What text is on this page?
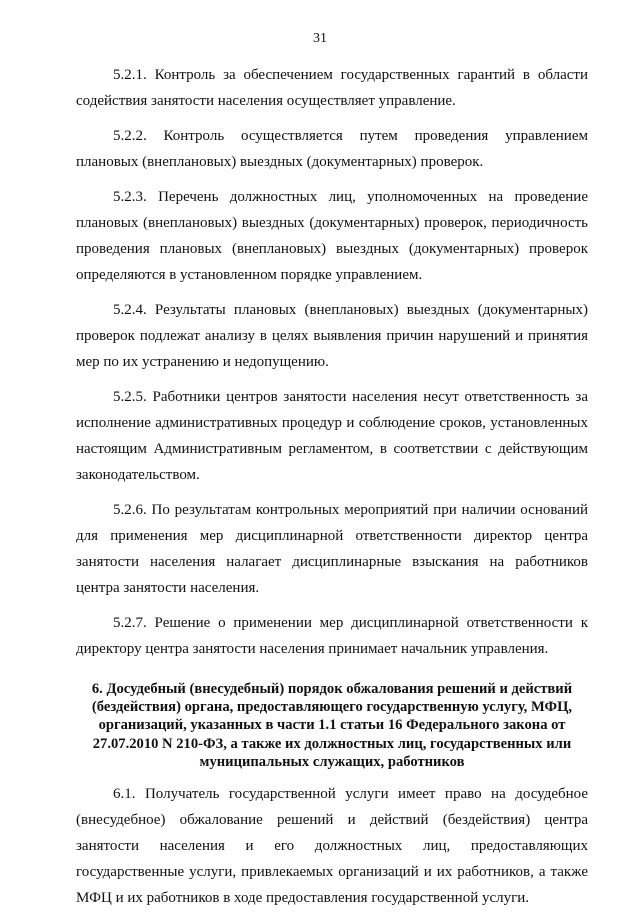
31

5.2.1. Контроль за обеспечением государственных гарантий в области содействия занятости населения осуществляет управление.

5.2.2. Контроль осуществляется путем проведения управлением плановых (внеплановых) выездных (документарных) проверок.

5.2.3. Перечень должностных лиц, уполномоченных на проведение плановых (внеплановых) выездных (документарных) проверок, периодичность проведения плановых (внеплановых) выездных (документарных) проверок определяются в установленном порядке управлением.

5.2.4. Результаты плановых (внеплановых) выездных (документарных) проверок подлежат анализу в целях выявления причин нарушений и принятия мер по их устранению и недопущению.

5.2.5. Работники центров занятости населения несут ответственность за исполнение административных процедур и соблюдение сроков, установленных настоящим Административным регламентом, в соответствии с действующим законодательством.

5.2.6. По результатам контрольных мероприятий при наличии оснований для применения мер дисциплинарной ответственности директор центра занятости населения налагает дисциплинарные взыскания на работников центра занятости населения.

5.2.7. Решение о применении мер дисциплинарной ответственности к директору центра занятости населения принимает начальник управления.

6. Досудебный (внесудебный) порядок обжалования решений и действий (бездействия) органа, предоставляющего государственную услугу, МФЦ, организаций, указанных в части 1.1 статьи 16 Федерального закона от 27.07.2010 N 210-ФЗ, а также их должностных лиц, государственных или муниципальных служащих, работников

6.1. Получатель государственной услуги имеет право на досудебное (внесудебное) обжалование решений и действий (бездействия) центра занятости населения и его должностных лиц, предоставляющих государственные услуги, привлекаемых организаций и их работников, а также МФЦ и их работников в ходе предоставления государственной услуги.
